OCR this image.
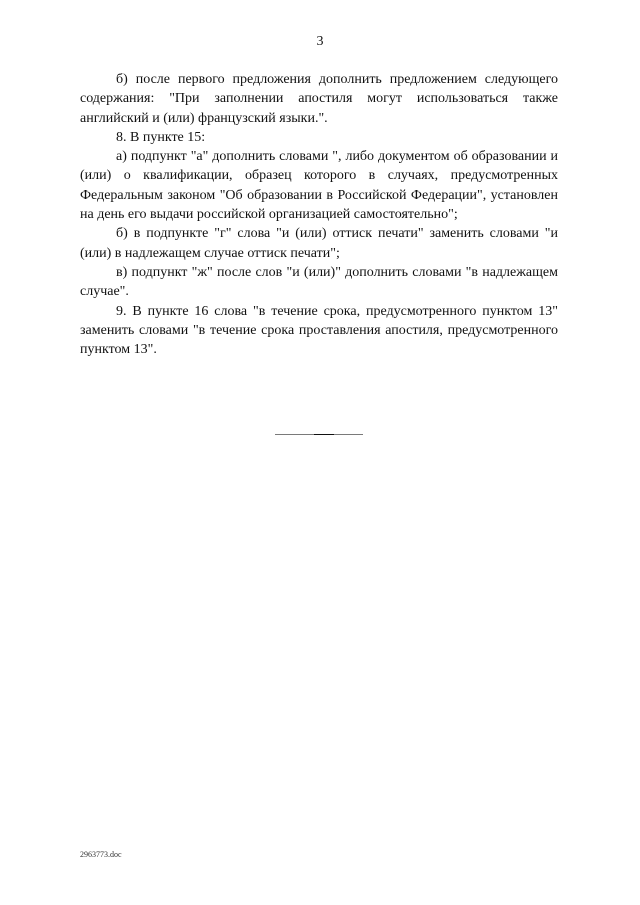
3

б) после первого предложения дополнить предложением следующего содержания: "При заполнении апостиля могут использоваться также английский и (или) французский языки.".

8. В пункте 15:

а) подпункт "а" дополнить словами ", либо документом об образовании и (или) о квалификации, образец которого в случаях, предусмотренных Федеральным законом "Об образовании в Российской Федерации", установлен на день его выдачи российской организацией самостоятельно";

б) в подпункте "г" слова "и (или) оттиск печати" заменить словами "и (или) в надлежащем случае оттиск печати";

в) подпункт "ж" после слов "и (или)" дополнить словами "в надлежащем случае".

9. В пункте 16 слова "в течение срока, предусмотренного пунктом 13" заменить словами "в течение срока проставления апостиля, предусмотренного пунктом 13".

2963773.doc
